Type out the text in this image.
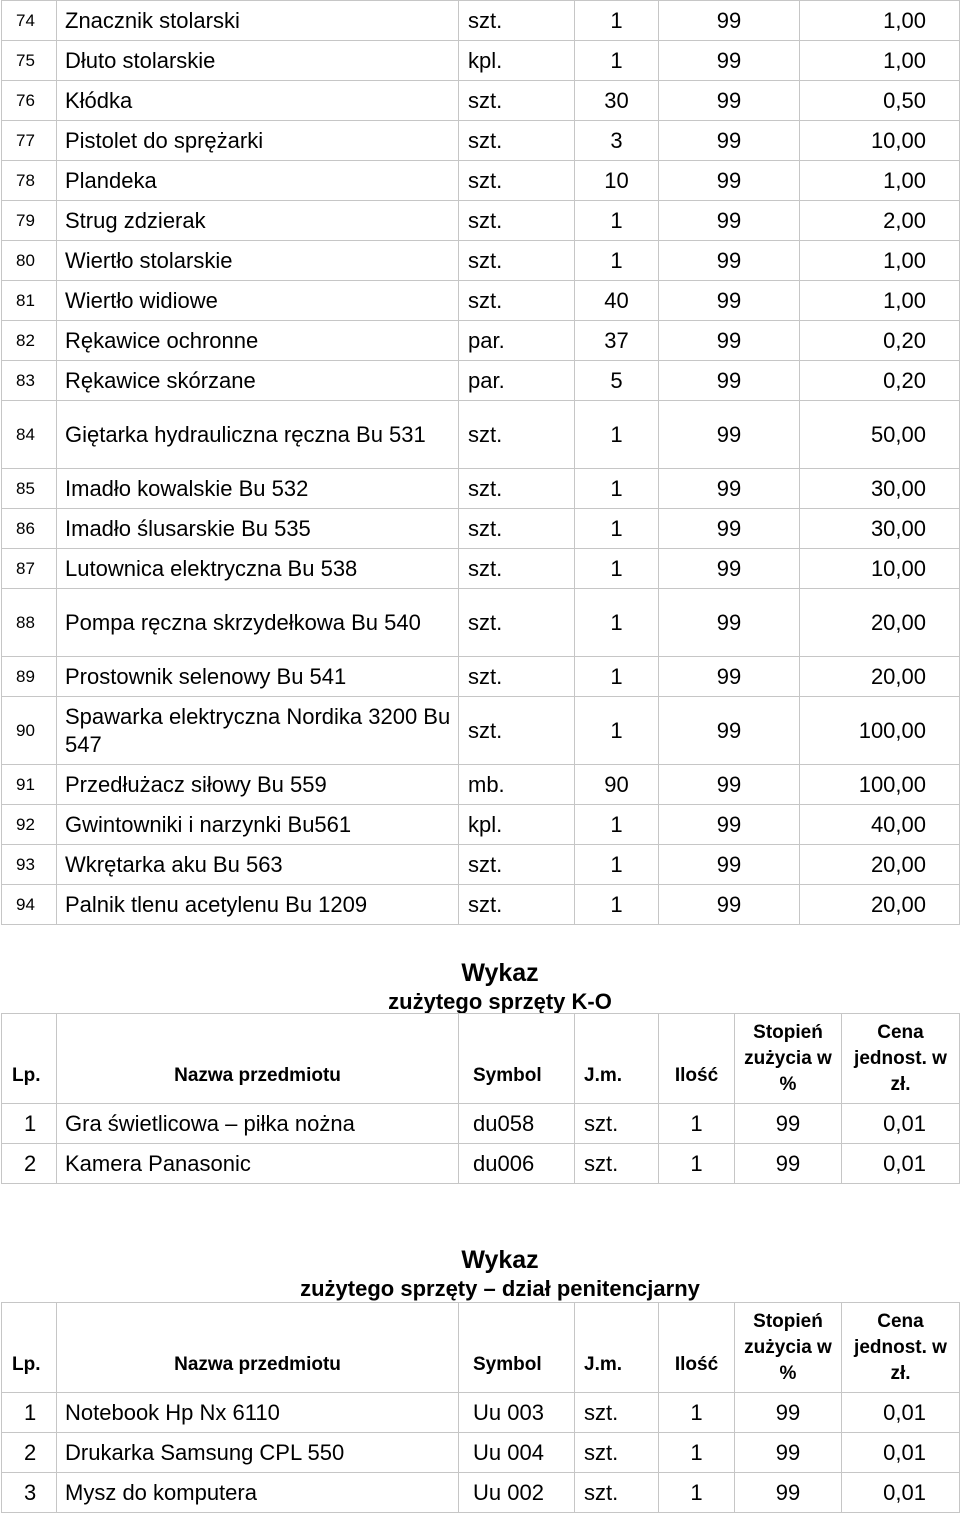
74	Znacznik stolarski	szt.	1	99	1,00
75	Dłuto stolarskie	kpl.	1	99	1,00
76	Kłódka	szt.	30	99	0,50
77	Pistolet do sprężarki	szt.	3	99	10,00
78	Plandeka	szt.	10	99	1,00
79	Strug zdzierak	szt.	1	99	2,00
80	Wiertło stolarskie	szt.	1	99	1,00
81	Wiertło widiowe	szt.	40	99	1,00
82	Rękawice ochronne	par.	37	99	0,20
83	Rękawice skórzane	par.	5	99	0,20
84	Giętarka hydrauliczna ręczna Bu 531	szt.	1	99	50,00
85	Imadło kowalskie Bu 532	szt.	1	99	30,00
86	Imadło ślusarskie Bu 535	szt.	1	99	30,00
87	Lutownica elektryczna Bu 538	szt.	1	99	10,00
88	Pompa ręczna skrzydełkowa Bu 540	szt.	1	99	20,00
89	Prostownik selenowy Bu 541	szt.	1	99	20,00
90	Spawarka elektryczna Nordika 3200 Bu 547	szt.	1	99	100,00
91	Przedłużacz siłowy Bu 559	mb.	90	99	100,00
92	Gwintowniki i narzynki Bu561	kpl.	1	99	40,00
93	Wkrętarka aku Bu 563	szt.	1	99	20,00
94	Palnik tlenu acetylenu Bu 1209	szt.	1	99	20,00
Wykaz
zużytego sprzęty K-O
Lp.	Nazwa przedmiotu	Symbol	J.m.	Ilość	Stopień zużycia w %	Cena jednost. w zł.
1	Gra świetlicowa – piłka nożna	du058	szt.	1	99	0,01
2	Kamera Panasonic	du006	szt.	1	99	0,01
Wykaz
zużytego sprzęty – dział penitencjarny
Lp.	Nazwa przedmiotu	Symbol	J.m.	Ilość	Stopień zużycia w %	Cena jednost. w zł.
1	Notebook Hp Nx 6110	Uu 003	szt.	1	99	0,01
2	Drukarka Samsung CPL 550	Uu 004	szt.	1	99	0,01
3	Mysz do komputera	Uu 002	szt.	1	99	0,01
